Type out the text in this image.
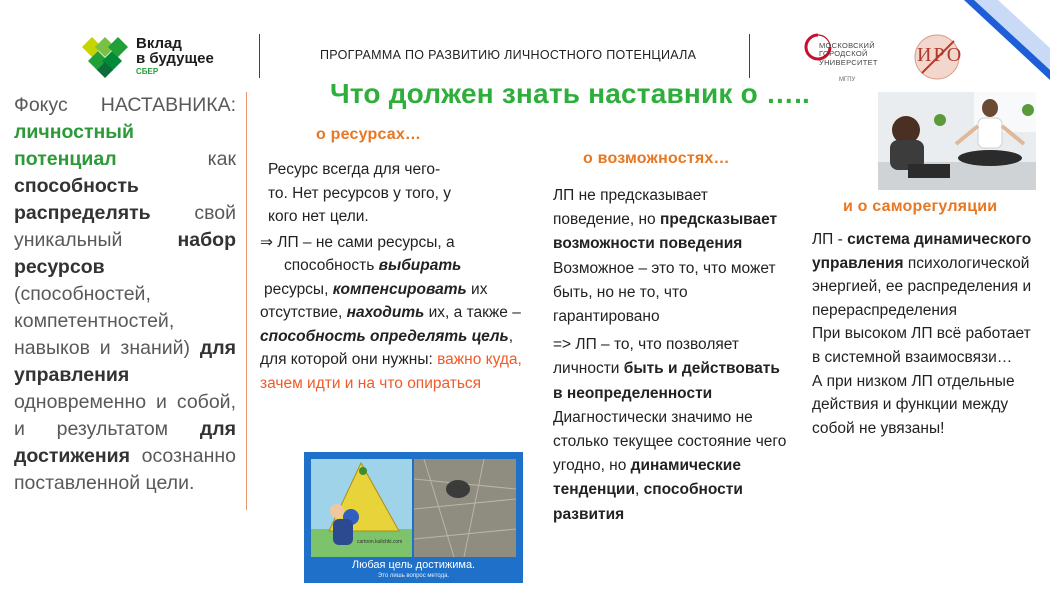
Вклад
в будущее
СБЕР
ПРОГРАММА ПО РАЗВИТИЮ ЛИЧНОСТНОГО ПОТЕНЦИАЛА
МОСКОВСКИЙ
ГОРОДСКОЙ
УНИВЕРСИТЕТ
МГПУ
ИРО
Что должен знать наставник о …..
Фокус НАСТАВНИКА: личностный потенциал как способность распределять свой уникальный набор ресурсов (способностей, компетентностей, навыков и знаний) для управления одновременно и собой, и результатом для достижения осознанно поставленной цели.
о ресурсах…
о возможностях…
и о саморегуляции
Ресурс всегда для чего-
то. Нет ресурсов у того, у
кого нет цели.
⇒ ЛП – не сами ресурсы, а
способность выбирать
ресурсы, компенсировать их отсутствие, находить их, а также – способность определять цель, для которой они нужны: важно куда, зачем идти и на что опираться
ЛП не предсказывает поведение, но предсказывает возможности поведения Возможное – это то, что может быть, но не то, что гарантировано
=> ЛП – то, что позволяет личности быть и действовать в неопределенности Диагностически значимо не столько текущее состояние чего угодно, но динамические тенденции, способности развития
ЛП - система динамического управления психологической энергией, ее распределения и перераспределения
При высоком ЛП всё работает в системной взаимосвязи…
А при низком ЛП отдельные действия и функции между собой не увязаны!
cartoon.kulichki.com
Любая цель достижима.
Это лишь вопрос метода.
